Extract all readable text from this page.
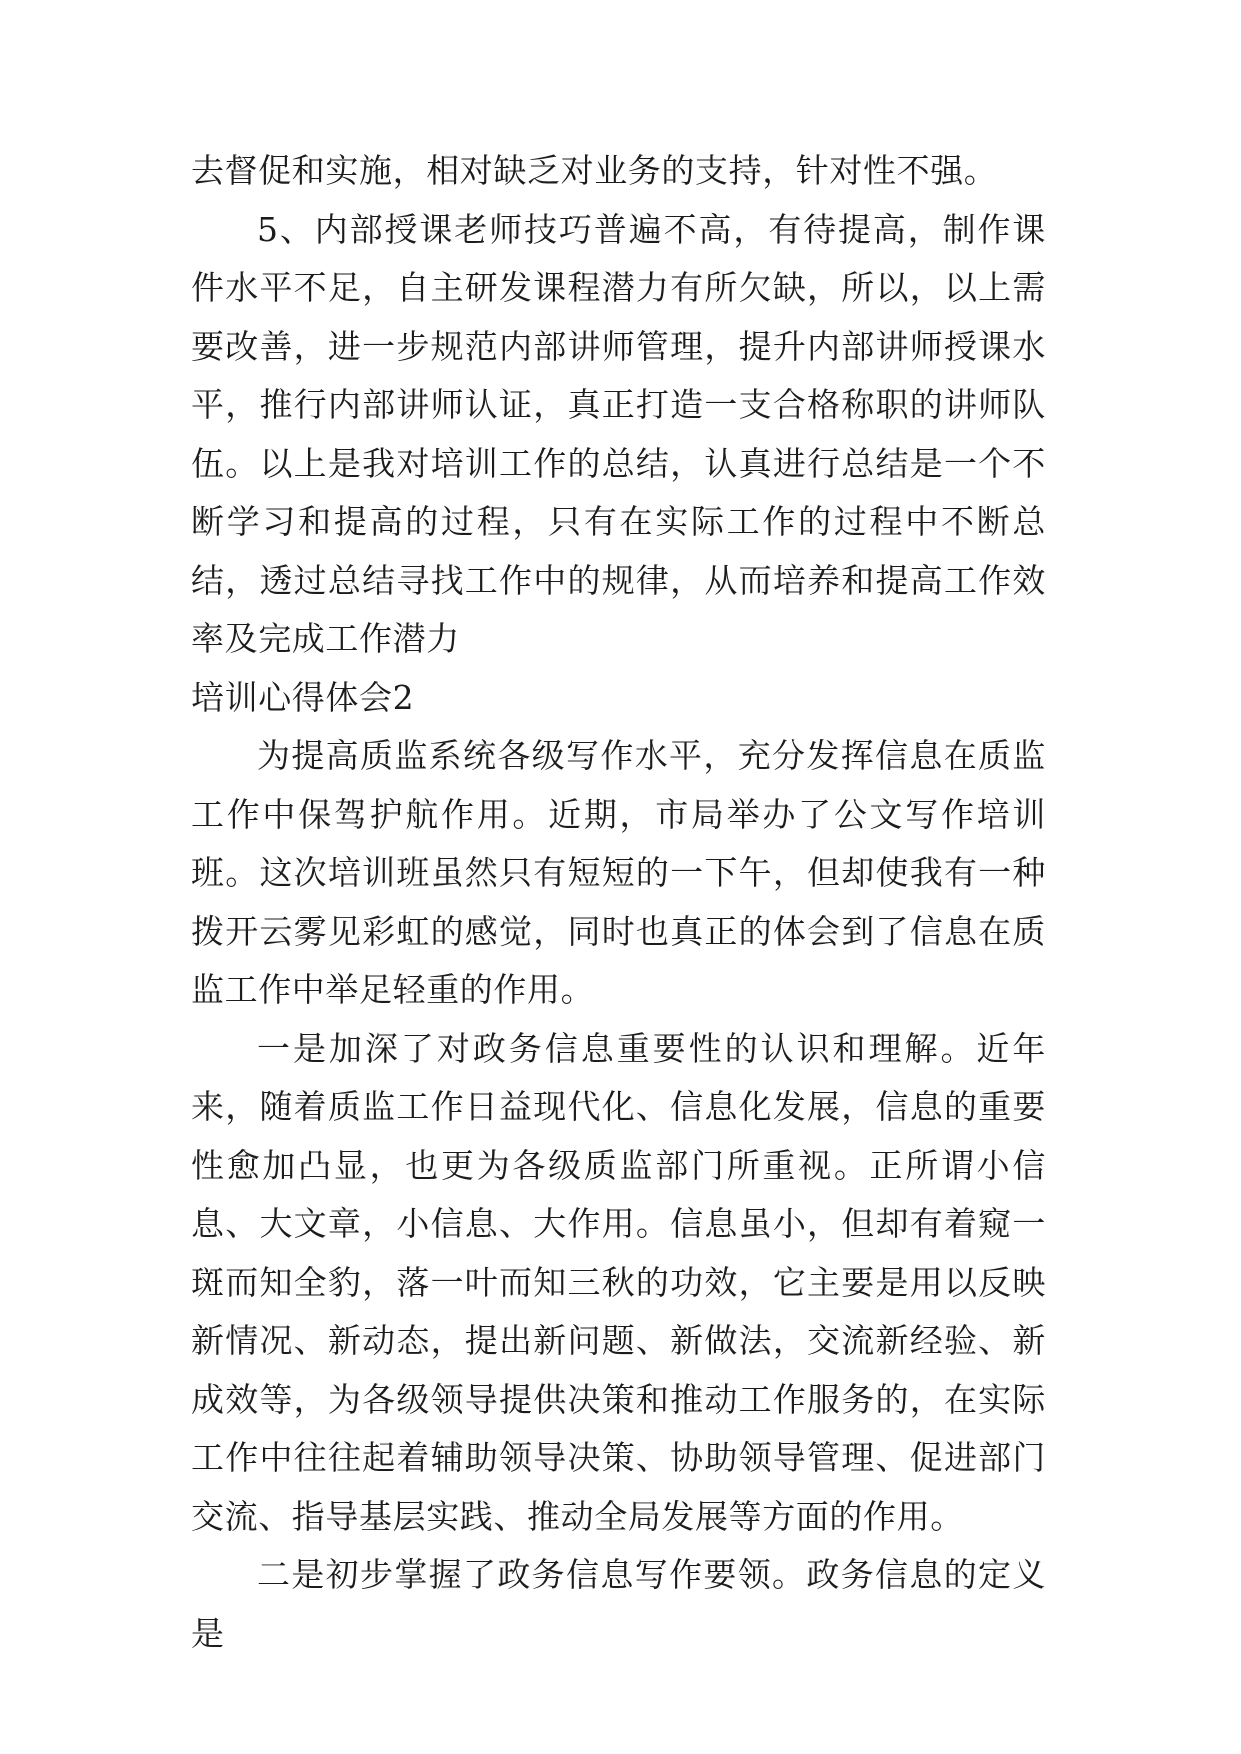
去督促和实施，相对缺乏对业务的支持，针对性不强。

5、内部授课老师技巧普遍不高，有待提高，制作课件水平不足，自主研发课程潜力有所欠缺，所以，以上需要改善，进一步规范内部讲师管理，提升内部讲师授课水平，推行内部讲师认证，真正打造一支合格称职的讲师队伍。以上是我对培训工作的总结，认真进行总结是一个不断学习和提高的过程，只有在实际工作的过程中不断总结，透过总结寻找工作中的规律，从而培养和提高工作效率及完成工作潜力

培训心得体会2

为提高质监系统各级写作水平，充分发挥信息在质监工作中保驾护航作用。近期，市局举办了公文写作培训班。这次培训班虽然只有短短的一下午，但却使我有一种拨开云雾见彩虹的感觉，同时也真正的体会到了信息在质监工作中举足轻重的作用。

一是加深了对政务信息重要性的认识和理解。近年来，随着质监工作日益现代化、信息化发展，信息的重要性愈加凸显，也更为各级质监部门所重视。正所谓小信息、大文章，小信息、大作用。信息虽小，但却有着窥一斑而知全豹，落一叶而知三秋的功效，它主要是用以反映新情况、新动态，提出新问题、新做法，交流新经验、新成效等，为各级领导提供决策和推动工作服务的，在实际工作中往往起着辅助领导决策、协助领导管理、促进部门交流、指导基层实践、推动全局发展等方面的作用。

二是初步掌握了政务信息写作要领。政务信息的定义是
